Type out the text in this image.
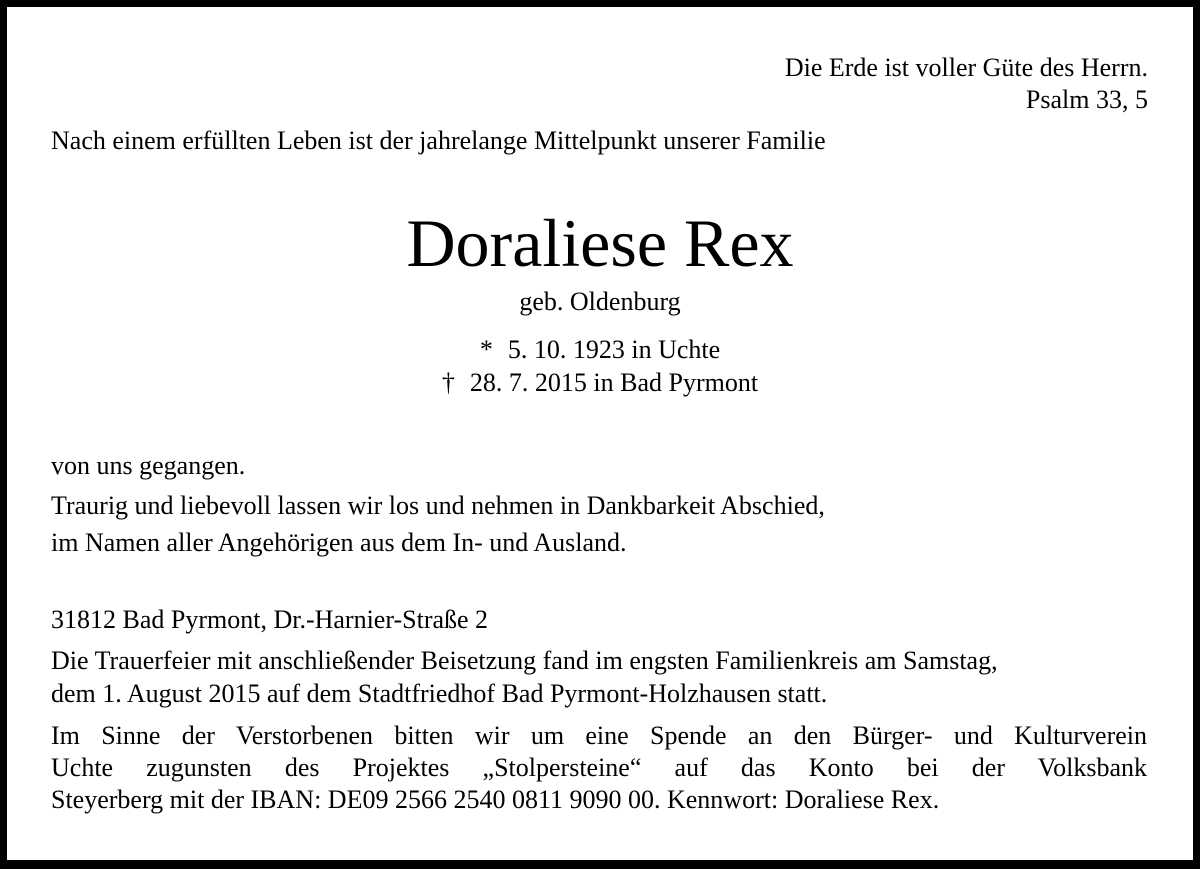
Die Erde ist voller Güte des Herrn.

Psalm 33, 5

Nach einem erfüllten Leben ist der jahrelange Mittelpunkt unserer Familie

Doraliese Rex

geb. Oldenburg

* 5. 10. 1923 in Uchte

† 28. 7. 2015 in Bad Pyrmont

von uns gegangen.

Traurig und liebevoll lassen wir los und nehmen in Dankbarkeit Abschied,

im Namen aller Angehörigen aus dem In- und Ausland.

31812 Bad Pyrmont, Dr.-Harnier-Straße 2

Die Trauerfeier mit anschließender Beisetzung fand im engsten Familienkreis am Samstag,

dem 1. August 2015 auf dem Stadtfriedhof Bad Pyrmont-Holzhausen statt.

Im Sinne der Verstorbenen bitten wir um eine Spende an den Bürger- und Kulturverein
Uchte zugunsten des Projektes „Stolpersteine“ auf das Konto bei der Volksbank
Steyerberg mit der IBAN: DE09 2566 2540 0811 9090 00. Kennwort: Doraliese Rex.
